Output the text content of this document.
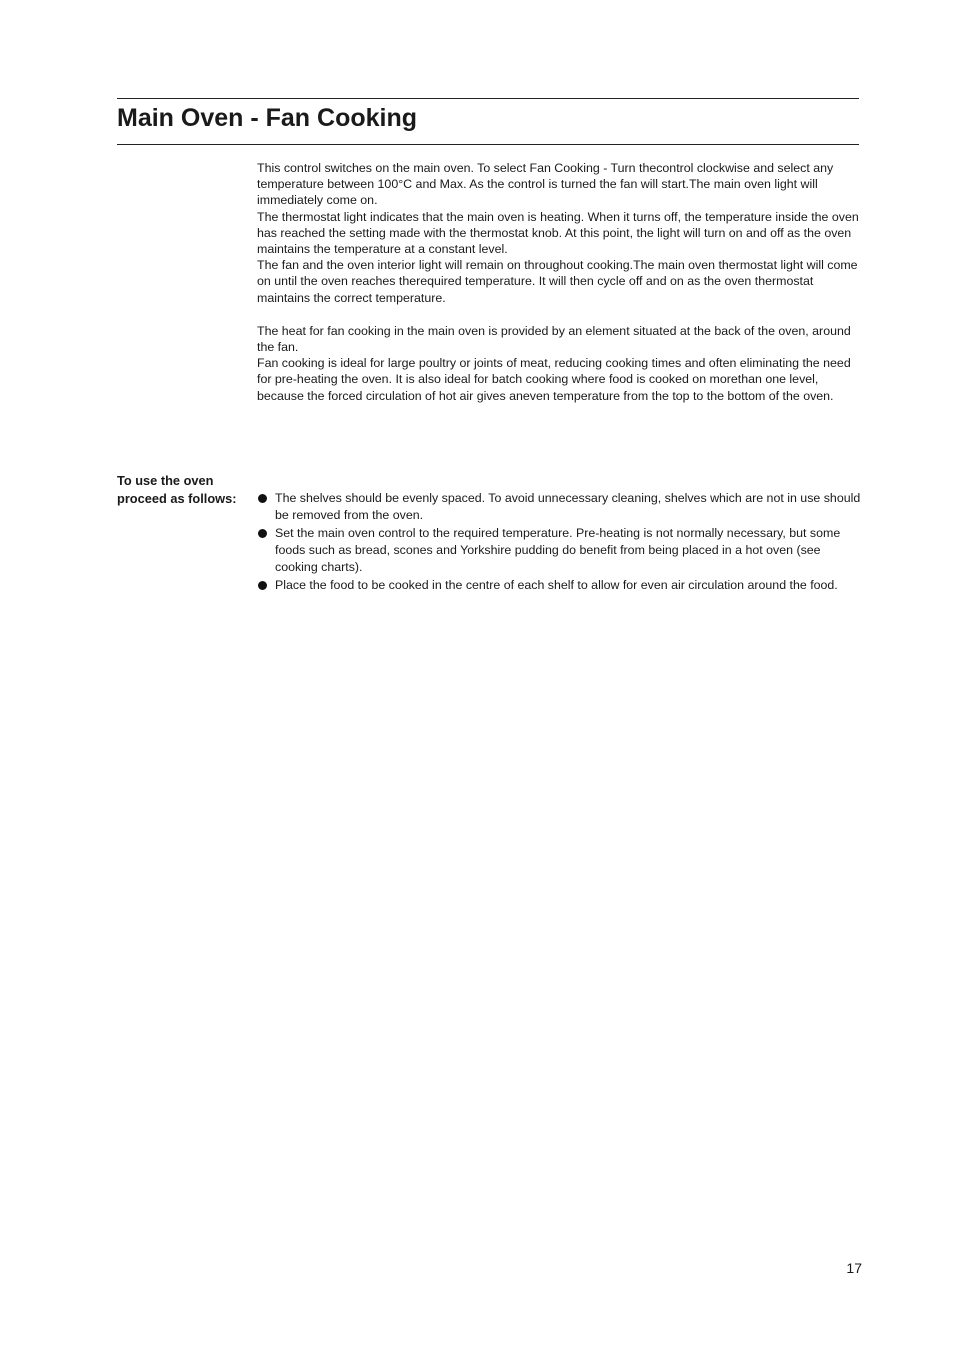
Main Oven - Fan Cooking

This control switches on the main oven. To select Fan Cooking - Turn thecontrol clockwise and select any temperature between 100°C and Max. As the control is turned the fan will start.The main oven light will immediately come on.

The thermostat light indicates that the main oven is heating. When it turns off, the temperature inside the oven has reached the setting made with the thermostat knob. At this point, the light will turn on and off as the oven maintains the temperature at a constant level.

The fan and the oven interior light will remain on throughout cooking.The main oven thermostat light will come on until the oven reaches therequired temperature. It will then cycle off and on as the oven thermostat maintains the correct temperature.

The heat for fan cooking in the main oven is provided by an element situated at the back of the oven, around the fan.

Fan cooking is ideal for large poultry or joints of meat, reducing cooking times and often eliminating the need for pre-heating the oven. It is also ideal for batch cooking where food is cooked on morethan one level, because the forced circulation of hot air gives aneven temperature from the top to the bottom of the oven.

To use the oven
proceed as follows:	The shelves should be evenly spaced. To avoid unnecessary cleaning, shelves which are not in use should be removed from the oven.
Set the main oven control to the required temperature. Pre-heating is not normally necessary, but some foods such as bread, scones and Yorkshire pudding do benefit from being placed in a hot oven (see cooking charts).
Place the food to be cooked in the centre of each shelf to allow for even air circulation around the food.
17
